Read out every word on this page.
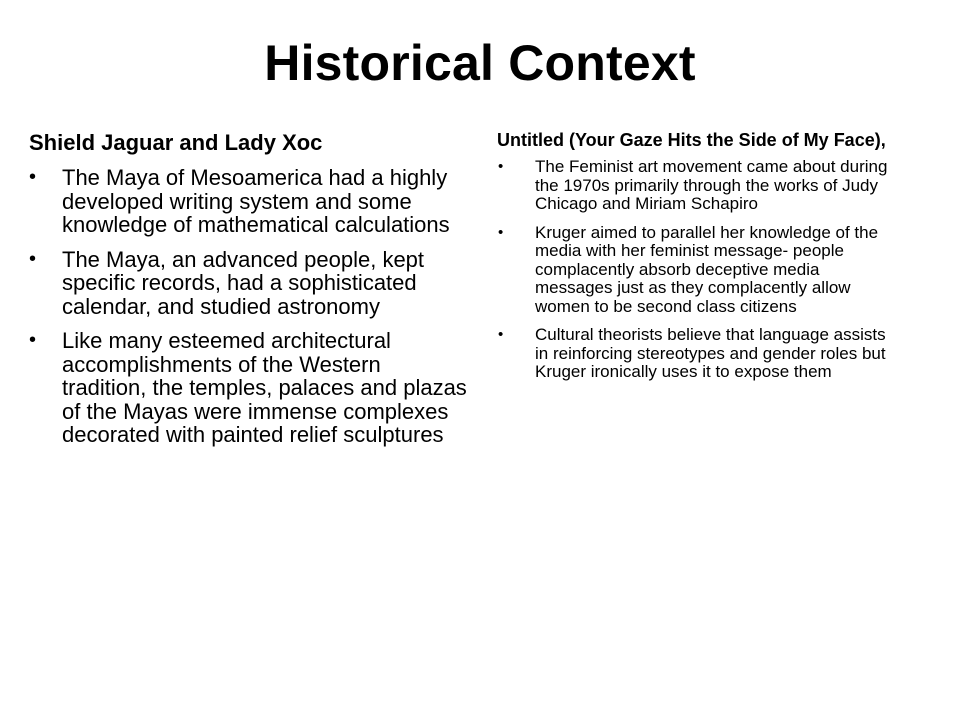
Historical Context
Shield Jaguar and Lady Xoc
• The Maya of Mesoamerica had a highly developed writing system and some knowledge of mathematical calculations
• The Maya, an advanced people, kept specific records, had a sophisticated calendar, and studied astronomy
• Like many esteemed architectural accomplishments of the Western tradition, the temples, palaces and plazas of the Mayas were immense complexes decorated with painted relief sculptures
Untitled (Your Gaze Hits the Side of My Face),
• The Feminist art movement came about during the 1970s primarily through the works of Judy Chicago and Miriam Schapiro
• Kruger aimed to parallel her knowledge of the media with her feminist message- people complacently absorb deceptive media messages just as they complacently allow women to be second class citizens
• Cultural theorists believe that language assists in reinforcing stereotypes and gender roles but Kruger ironically uses it to expose them
